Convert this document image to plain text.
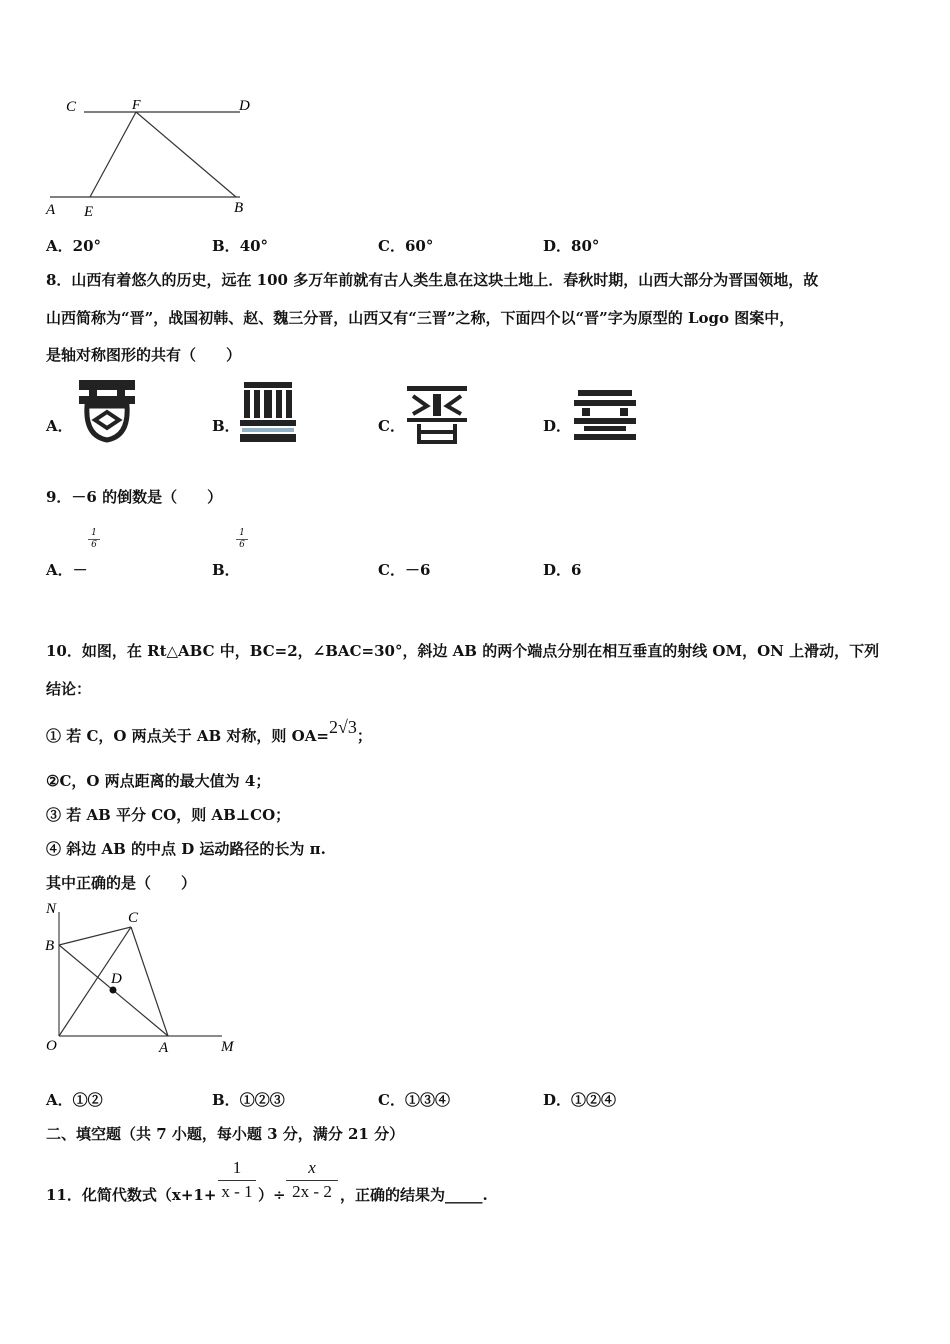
C	F	D
A E	B
A．20°	B．40°	C．60°	D．80°
8．山西有着悠久的历史，远在 100 多万年前就有古人类生息在这块土地上．春秋时期，山西大部分为晋国领地，故
山西简称为“晋”，战国初韩、赵、魏三分晋，山西又有“三晋”之称，下面四个以“晋”字为原型的 Logo 图案中，
是轴对称图形的共有（　　）
A．	B．	C．	D．
9．－6 的倒数是（　　）
A．－
$\frac{1}{6}$
B．
$\frac{1}{6}$
C．－6	D．6
10．如图，在 Rt△ABC 中，BC=2，∠BAC=30°，斜边 AB 的两个端点分别在相互垂直的射线 OM，ON 上滑动，下列
结论：
① 若 C，O 两点关于 AB 对称，则 OA=2√3；
②C，O 两点距离的最大值为 4；
③ 若 AB 平分 CO，则 AB⊥CO；
④ 斜边 AB 的中点 D 运动路径的长为 π.
其中正确的是（　　）
N
C
B
D
O	A	M
A．①②	B．①②③	C．①③④	D．①②④
二、填空题（共 7 小题，每小题 3 分，满分 21 分）
11．化简代数式（$x+1+ \frac{1}{x - 1}$ ）÷ $\frac{x}{2x - 2}$ ，正确的结果为_____.
